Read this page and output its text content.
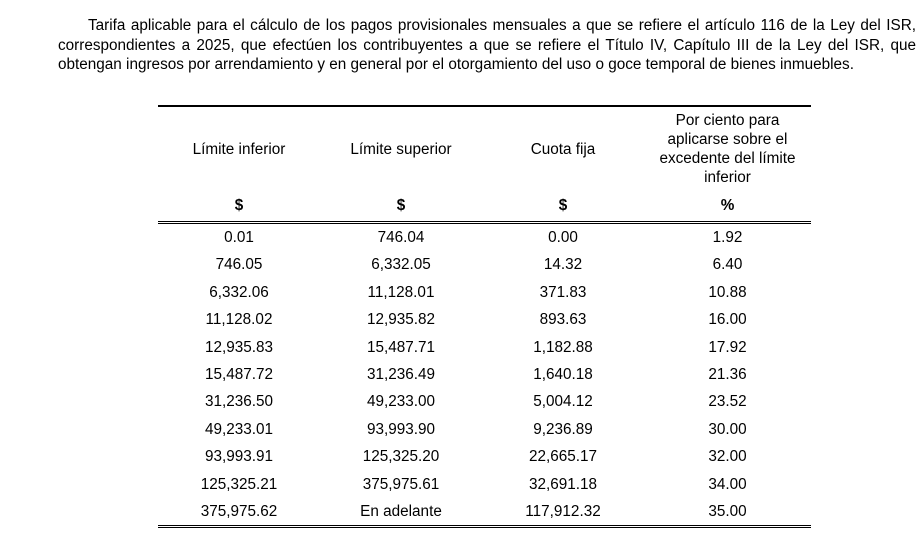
Tarifa aplicable para el cálculo de los pagos provisionales mensuales a que se refiere el artículo 116 de la Ley del ISR, correspondientes a 2025, que efectúen los contribuyentes a que se refiere el Título IV, Capítulo III de la Ley del ISR, que obtengan ingresos por arrendamiento y en general por el otorgamiento del uso o goce temporal de bienes inmuebles.

Límite inferior	Límite superior	Cuota fija	Por ciento para aplicarse sobre el excedente del límite inferior
$	$	$	%
0.01	746.04	0.00	1.92
746.05	6,332.05	14.32	6.40
6,332.06	11,128.01	371.83	10.88
11,128.02	12,935.82	893.63	16.00
12,935.83	15,487.71	1,182.88	17.92
15,487.72	31,236.49	1,640.18	21.36
31,236.50	49,233.00	5,004.12	23.52
49,233.01	93,993.90	9,236.89	30.00
93,993.91	125,325.20	22,665.17	32.00
125,325.21	375,975.61	32,691.18	34.00
375,975.62	En adelante	117,912.32	35.00
